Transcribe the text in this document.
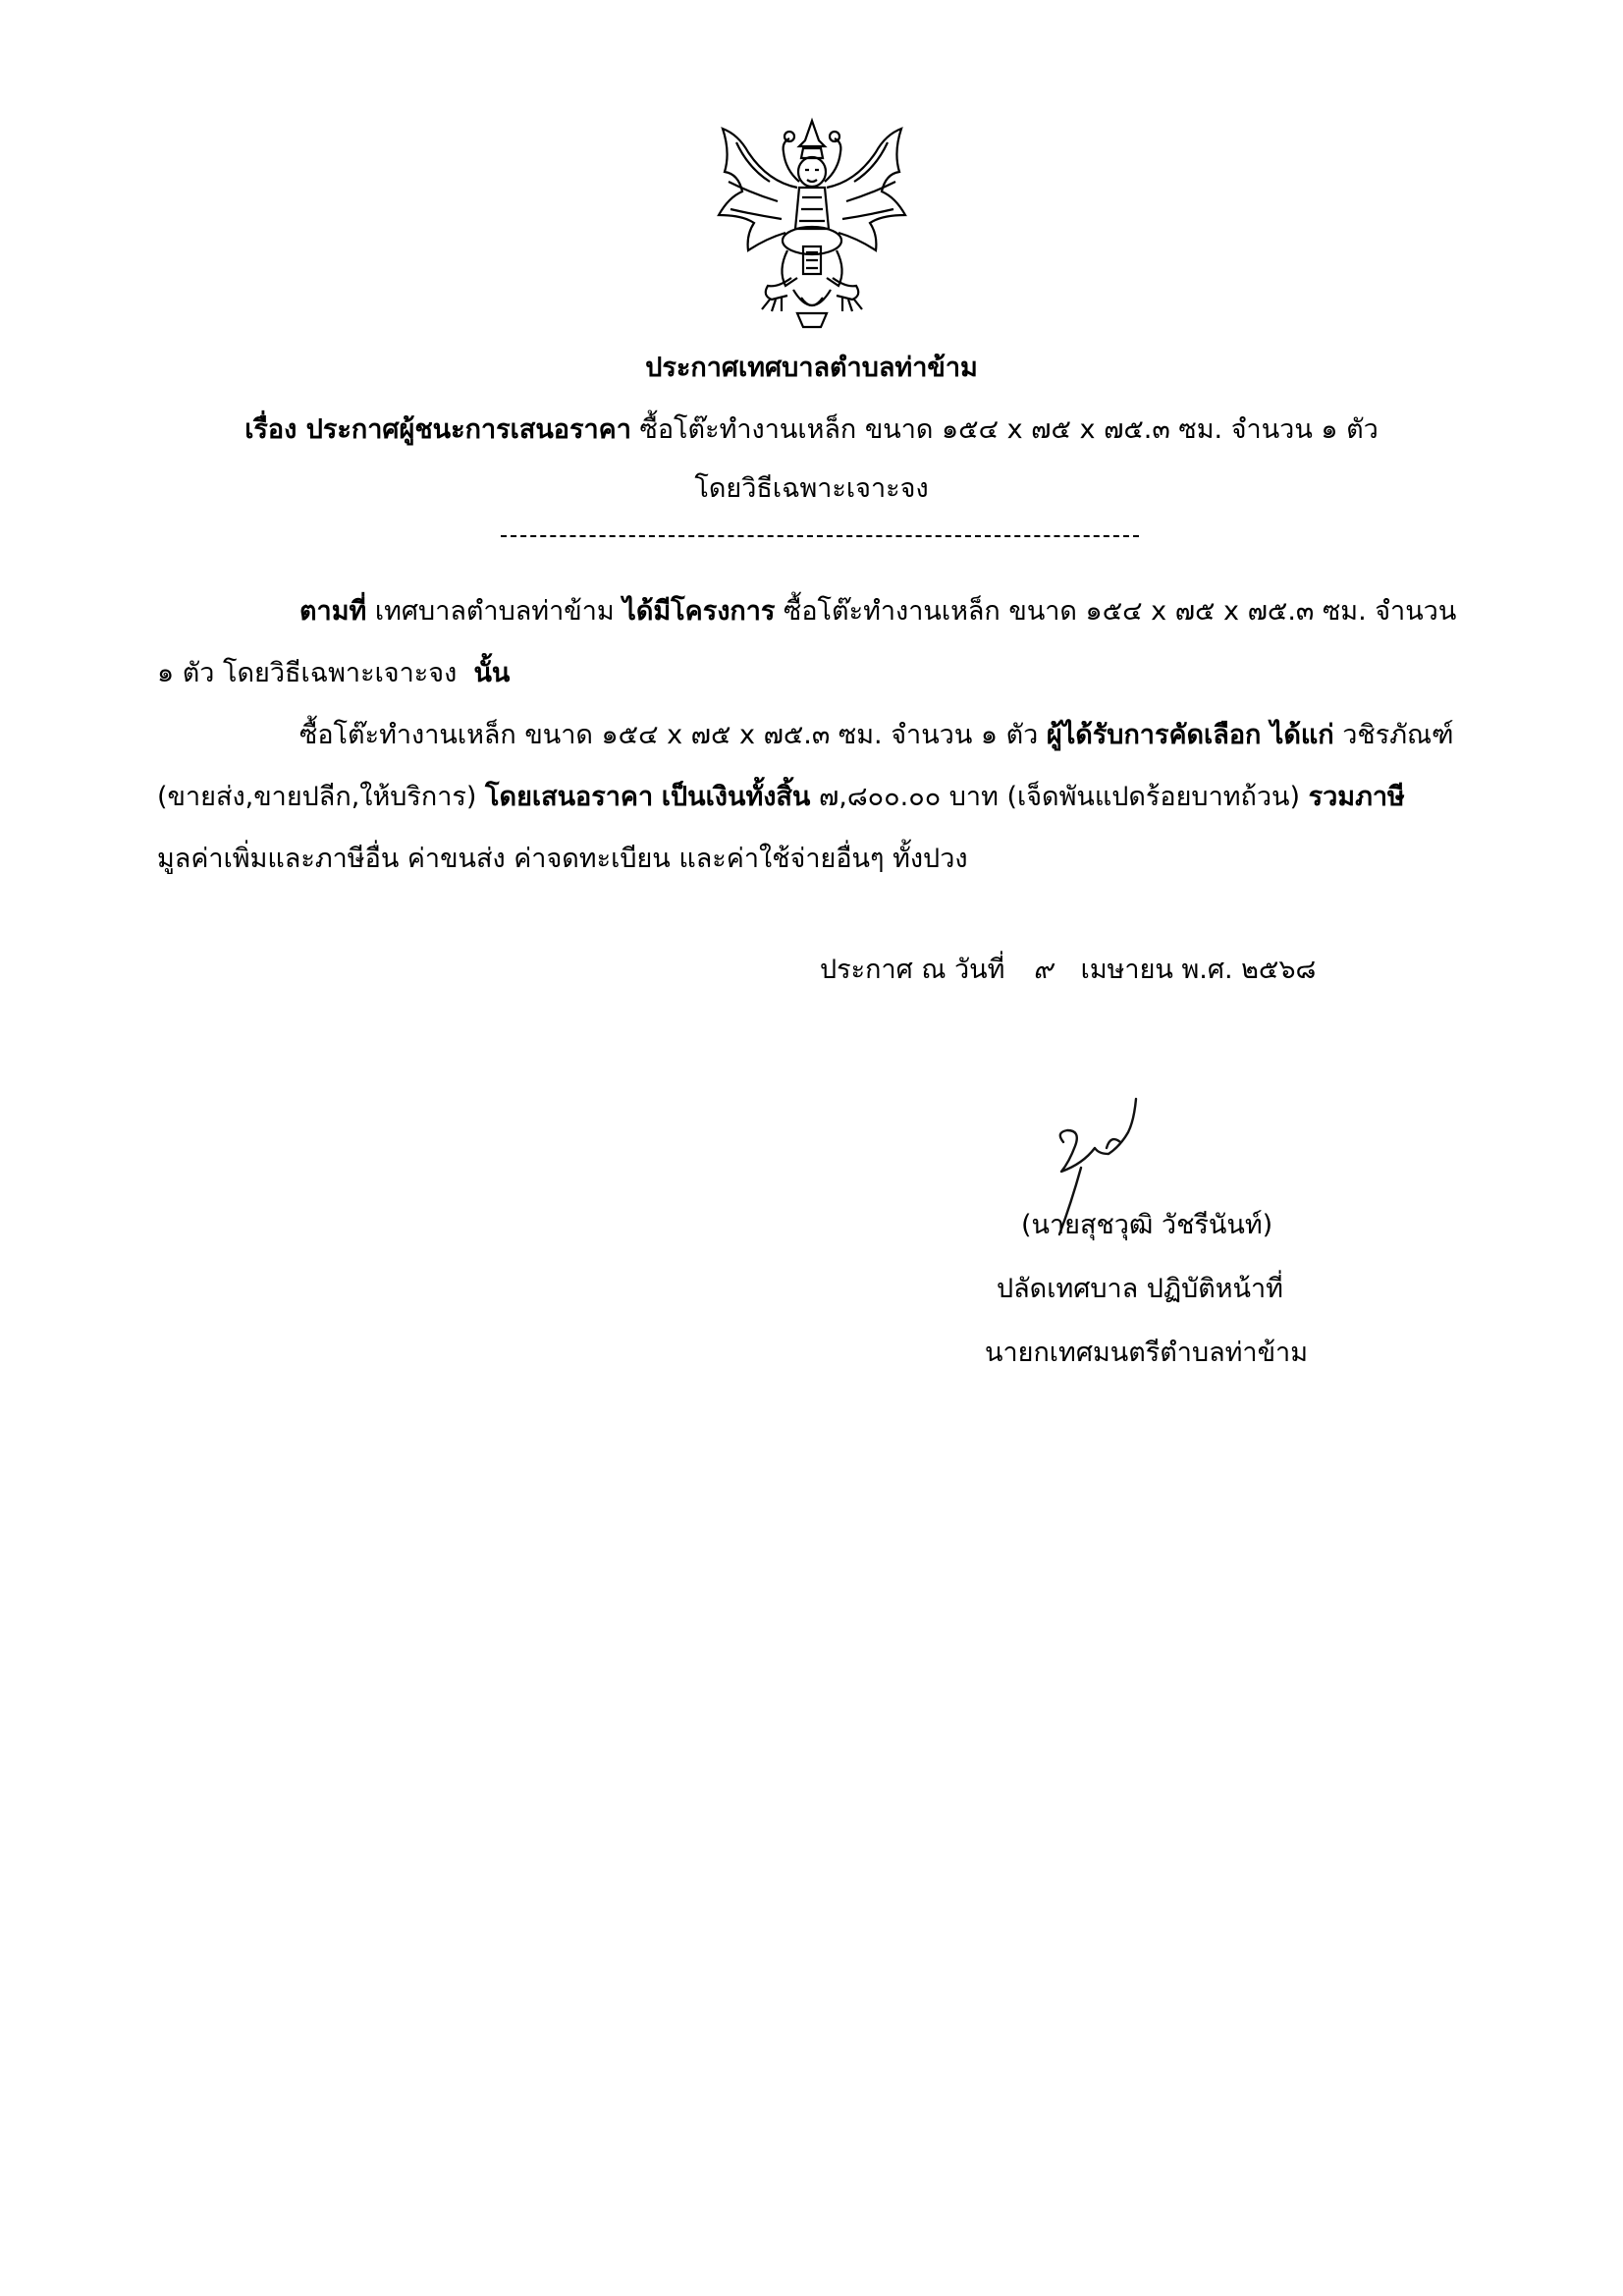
ประกาศเทศบาลตำบลท่าข้าม
เรื่อง ประกาศผู้ชนะการเสนอราคา ซื้อโต๊ะทำงานเหล็ก ขนาด ๑๕๔ x ๗๕ x ๗๕.๓ ซม. จำนวน ๑ ตัว
โดยวิธีเฉพาะเจาะจง
ตามที่ เทศบาลตำบลท่าข้าม ได้มีโครงการ ซื้อโต๊ะทำงานเหล็ก ขนาด ๑๕๔ x ๗๕ x ๗๕.๓ ซม. จำนวน
๑ ตัว โดยวิธีเฉพาะเจาะจง นั้น
ซื้อโต๊ะทำงานเหล็ก ขนาด ๑๕๔ x ๗๕ x ๗๕.๓ ซม. จำนวน ๑ ตัว ผู้ได้รับการคัดเลือก ได้แก่ วชิรภัณฑ์
(ขายส่ง,ขายปลีก,ให้บริการ) โดยเสนอราคา เป็นเงินทั้งสิ้น ๗,๘๐๐.๐๐ บาท (เจ็ดพันแปดร้อยบาทถ้วน) รวมภาษี
มูลค่าเพิ่มและภาษีอื่น ค่าขนส่ง ค่าจดทะเบียน และค่าใช้จ่ายอื่นๆ ทั้งปวง
ประกาศ ณ วันที่ ๙ เมษายน พ.ศ. ๒๕๖๘
(นายสุชวุฒิ วัชรีนันท์)
ปลัดเทศบาล ปฏิบัติหน้าที่
นายกเทศมนตรีตำบลท่าข้าม
